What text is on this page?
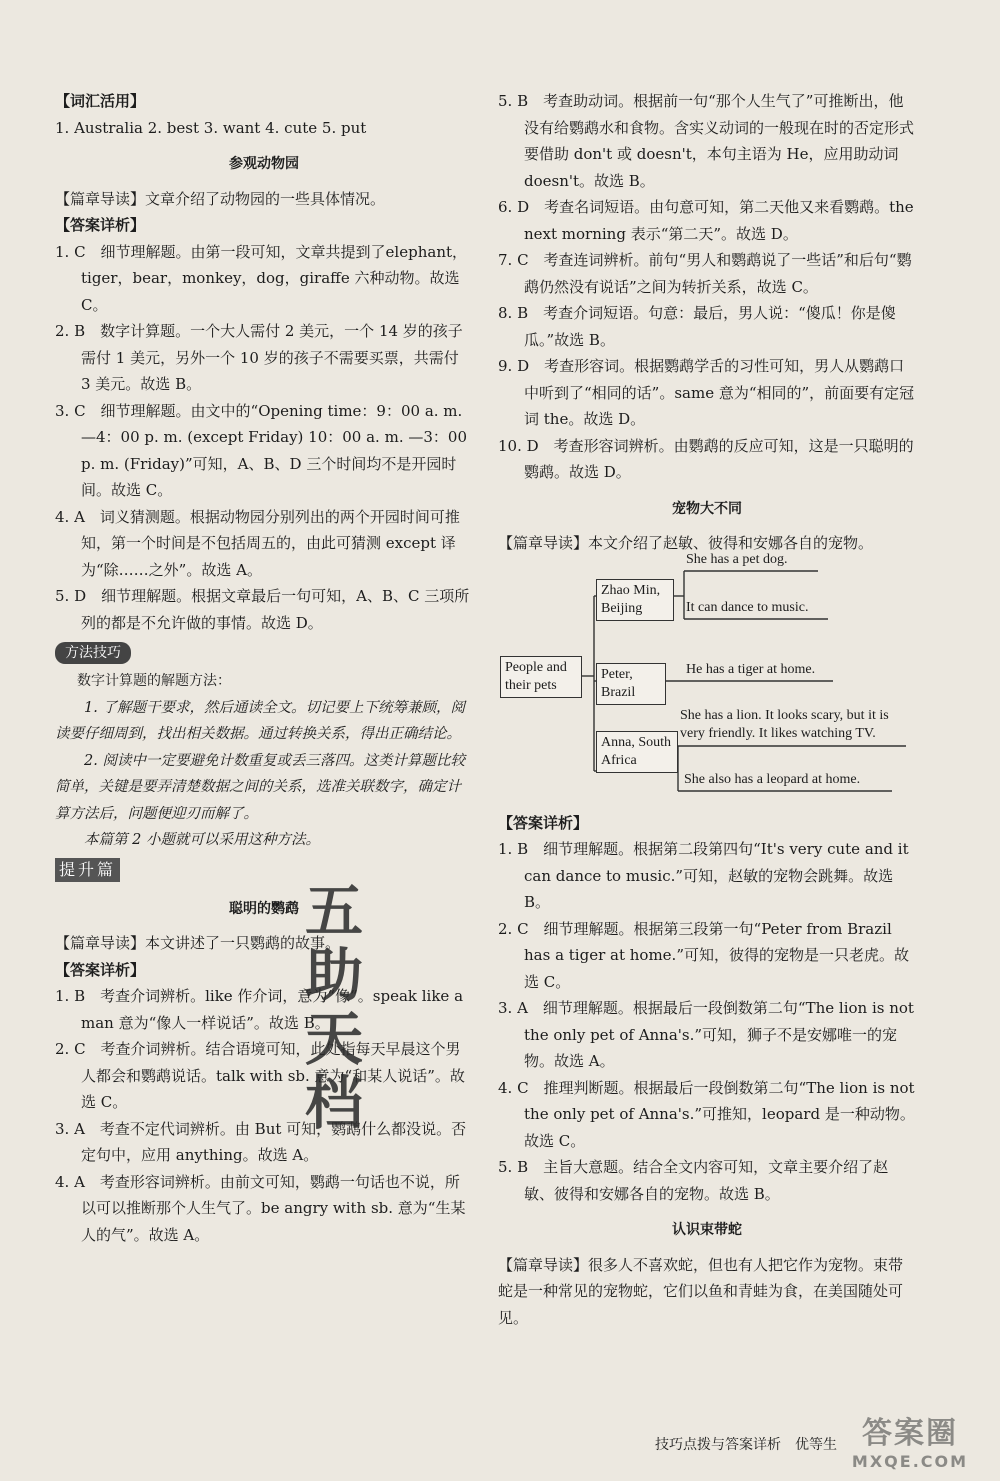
【词汇活用】

1. Australia 2. best 3. want 4. cute 5. put

参观动物园

【篇章导读】文章介绍了动物园的一些具体情况。

【答案详析】

1. C　细节理解题。由第一段可知，文章共提到了elephant，tiger，bear，monkey，dog，giraffe 六种动物。故选 C。

2. B　数字计算题。一个大人需付 2 美元，一个 14 岁的孩子需付 1 美元，另外一个 10 岁的孩子不需要买票，共需付 3 美元。故选 B。

3. C　细节理解题。由文中的“Opening time：9：00 a. m. —4：00 p. m. (except Friday) 10：00 a. m. —3：00 p. m. (Friday)”可知，A、B、D 三个时间均不是开园时间。故选 C。

4. A　词义猜测题。根据动物园分别列出的两个开园时间可推知，第一个时间是不包括周五的，由此可猜测 except 译为“除……之外”。故选 A。

5. D　细节理解题。根据文章最后一句可知，A、B、C 三项所列的都是不允许做的事情。故选 D。

方法技巧

数字计算题的解题方法：

1. 了解题干要求，然后通读全文。切记要上下统筹兼顾，阅读要仔细周到，找出相关数据。通过转换关系，得出正确结论。

2. 阅读中一定要避免计数重复或丢三落四。这类计算题比较简单，关键是要弄清楚数据之间的关系，选准关联数字，确定计算方法后，问题便迎刃而解了。

本篇第 2 小题就可以采用这种方法。

提升篇

聪明的鹦鹉

【篇章导读】本文讲述了一只鹦鹉的故事。

【答案详析】

1. B　考查介词辨析。like 作介词，意为“像”。speak like a man 意为“像人一样说话”。故选 B。

2. C　考查介词辨析。结合语境可知，此处指每天早晨这个男人都会和鹦鹉说话。talk with sb. 意为“和某人说话”。故选 C。

3. A　考查不定代词辨析。由 But 可知，鹦鹉什么都没说。否定句中，应用 anything。故选 A。

4. A　考查形容词辨析。由前文可知，鹦鹉一句话也不说，所以可以推断那个人生气了。be angry with sb. 意为“生某人的气”。故选 A。

五助天档

5. B　考查助动词。根据前一句“那个人生气了”可推断出，他没有给鹦鹉水和食物。含实义动词的一般现在时的否定形式要借助 don't 或 doesn't，本句主语为 He，应用助动词 doesn't。故选 B。

6. D　考查名词短语。由句意可知，第二天他又来看鹦鹉。the next morning 表示“第二天”。故选 D。

7. C　考查连词辨析。前句“男人和鹦鹉说了一些话”和后句“鹦鹉仍然没有说话”之间为转折关系，故选 C。

8. B　考查介词短语。句意：最后，男人说：“傻瓜！你是傻瓜。”故选 B。

9. D　考查形容词。根据鹦鹉学舌的习性可知，男人从鹦鹉口中听到了“相同的话”。same 意为“相同的”，前面要有定冠词 the。故选 D。

10. D　考查形容词辨析。由鹦鹉的反应可知，这是一只聪明的鹦鹉。故选 D。

宠物大不同

【篇章导读】本文介绍了赵敏、彼得和安娜各自的宠物。

People and their pets
Zhao Min, Beijing
She has a pet dog.
It can dance to music.
Peter, Brazil
He has a tiger at home.
Anna, South Africa
She has a lion. It looks scary, but it is very friendly. It likes watching TV.
She also has a leopard at home.

【答案详析】

1. B　细节理解题。根据第二段第四句“It's very cute and it can dance to music.”可知，赵敏的宠物会跳舞。故选 B。

2. C　细节理解题。根据第三段第一句“Peter from Brazil has a tiger at home.”可知，彼得的宠物是一只老虎。故选 C。

3. A　细节理解题。根据最后一段倒数第二句“The lion is not the only pet of Anna's.”可知，狮子不是安娜唯一的宠物。故选 A。

4. C　推理判断题。根据最后一段倒数第二句“The lion is not the only pet of Anna's.”可推知，leopard 是一种动物。故选 C。

5. B　主旨大意题。结合全文内容可知，文章主要介绍了赵敏、彼得和安娜各自的宠物。故选 B。

认识束带蛇

【篇章导读】很多人不喜欢蛇，但也有人把它作为宠物。束带蛇是一种常见的宠物蛇，它们以鱼和青蛙为食，在美国随处可见。

技巧点拨与答案详析　优等生 答案圈
MXQE.COM
